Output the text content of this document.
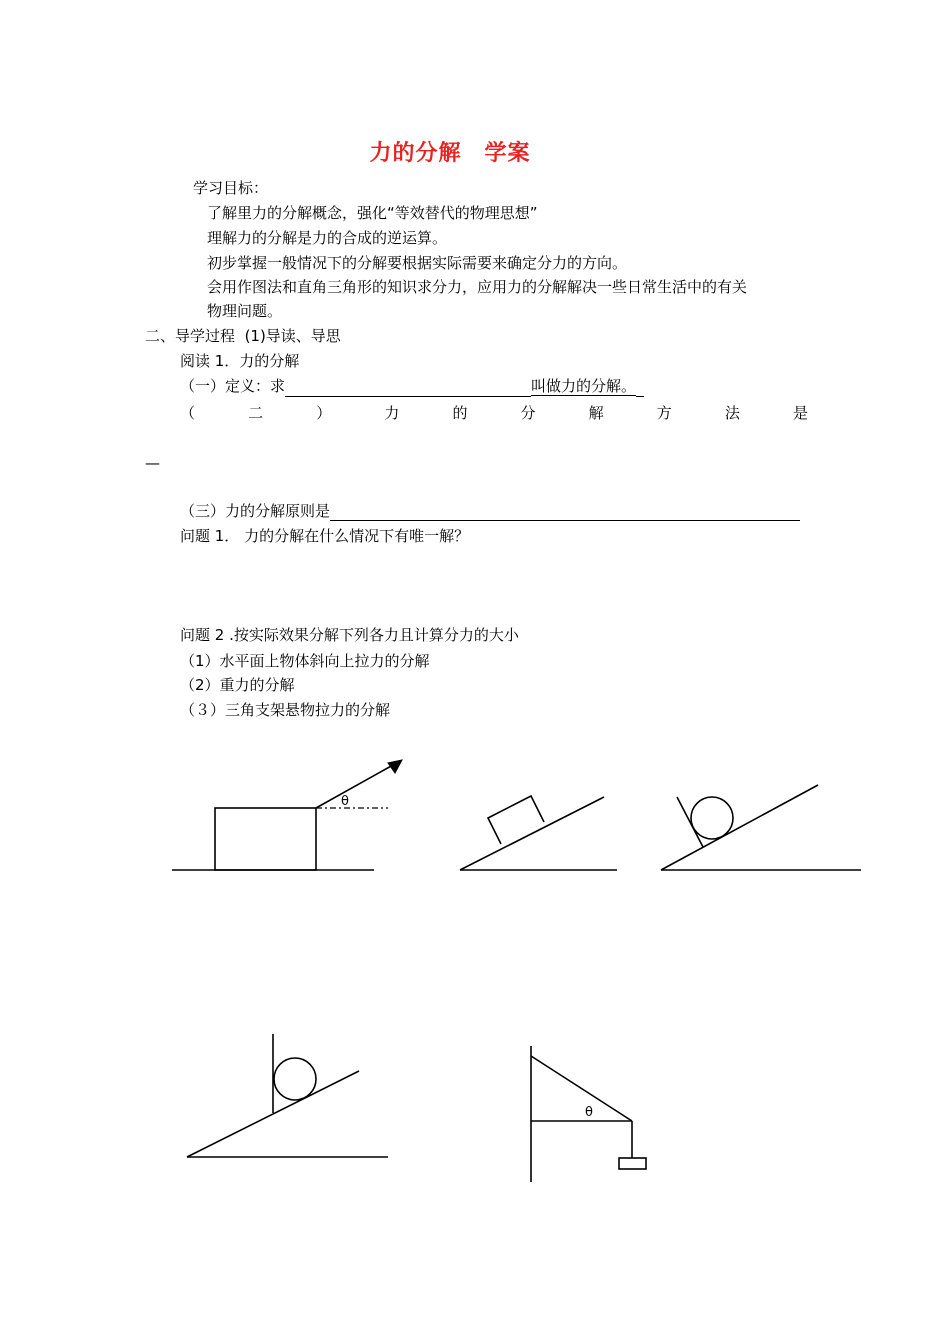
力的分解　学案
学习目标：
了解里力的分解概念，强化“等效替代的物理思想”
理解力的分解是力的合成的逆运算。
初步掌握一般情况下的分解要根据实际需要来确定分力的方向。
会用作图法和直角三角形的知识求分力，应用力的分解解决一些日常生活中的有关
物理问题。
二、导学过程 (1)导读、导思
阅读 1．力的分解
（一）定义：求	叫做力的分解。
（	二	）	力	的	分	解	方	法	是
—
（三）力的分解原则是
问题 1． 力的分解在什么情况下有唯一解？
问题 2 .按实际效果分解下列各力且计算分力的大小
（1）水平面上物体斜向上拉力的分解
（2）重力的分解
（３）三角支架悬物拉力的分解
θ
θ
